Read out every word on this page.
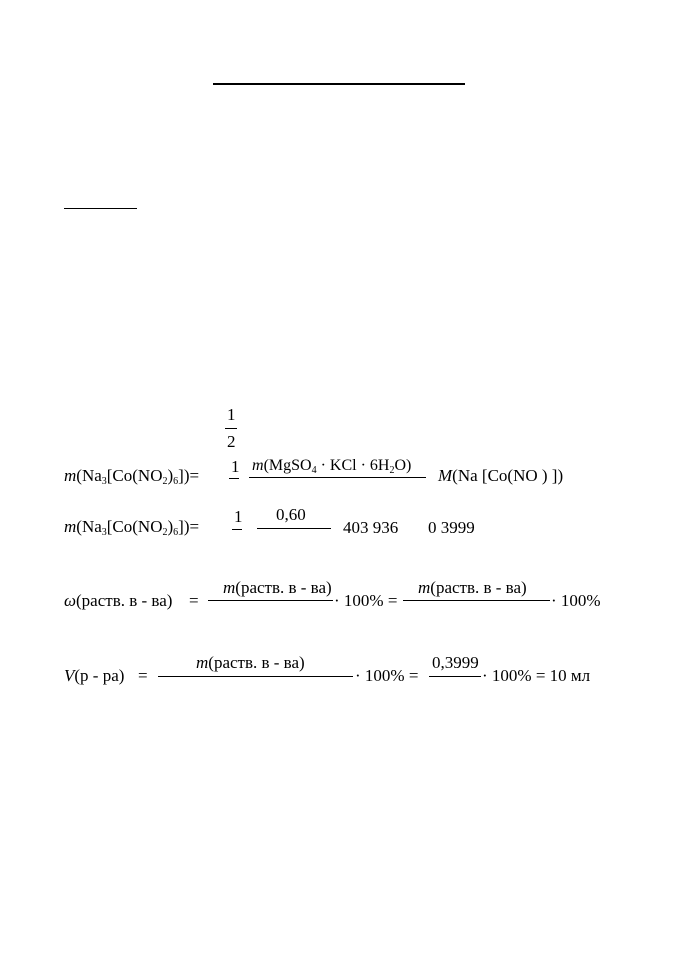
1
2
$m(Na_3[Co(NO_2)_6])= 1$ m(MgSO$_4$ · KCl · $6H_2O$)
M(Na [Co(NO ) ])
$m(Na_3[Co(NO_2)_6])=$
1 0,60
403 936 0 3999
ω(раств. в - ва) =
m(раств. в - ва)
· 100% =
m(раств. в - ва)
· 100%
V(р - ра) =
m(раств. в - ва)
· 100% =
0,3999
· 100% = 10 мл
